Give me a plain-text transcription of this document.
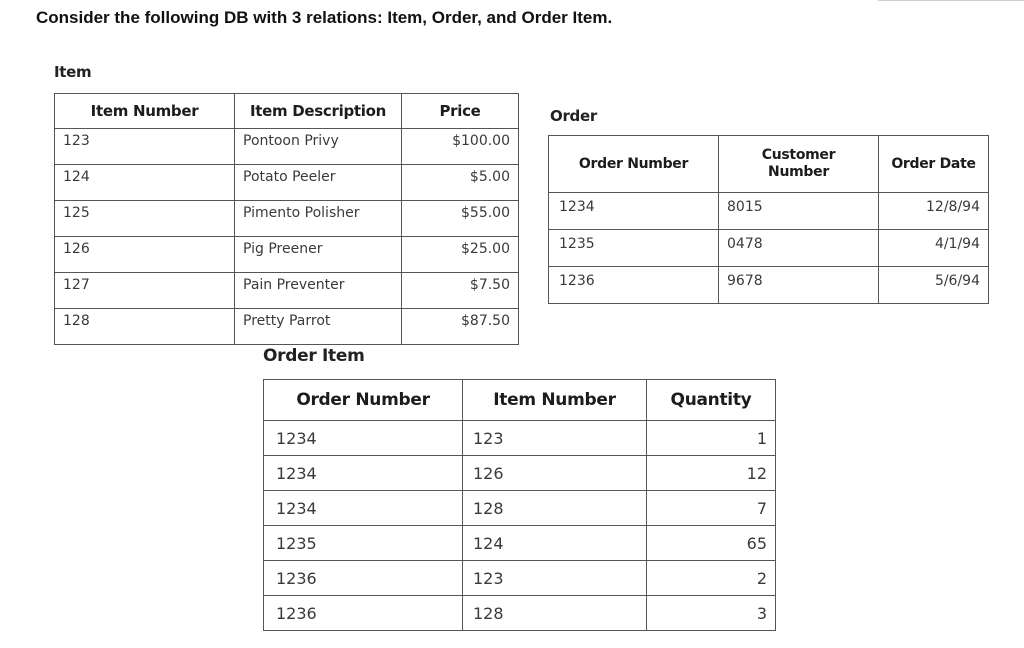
Consider the following DB with 3 relations: Item, Order, and Order Item.
Item
Item Number	Item Description	Price
123	Pontoon Privy	$100.00
124	Potato Peeler	$5.00
125	Pimento Polisher	$55.00
126	Pig Preener	$25.00
127	Pain Preventer	$7.50
128	Pretty Parrot	$87.50
Order
Order Number	Customer Number	Order Date
1234	8015	12/8/94
1235	0478	4/1/94
1236	9678	5/6/94
Order Item
Order Number	Item Number	Quantity
1234	123	1
1234	126	12
1234	128	7
1235	124	65
1236	123	2
1236	128	3
